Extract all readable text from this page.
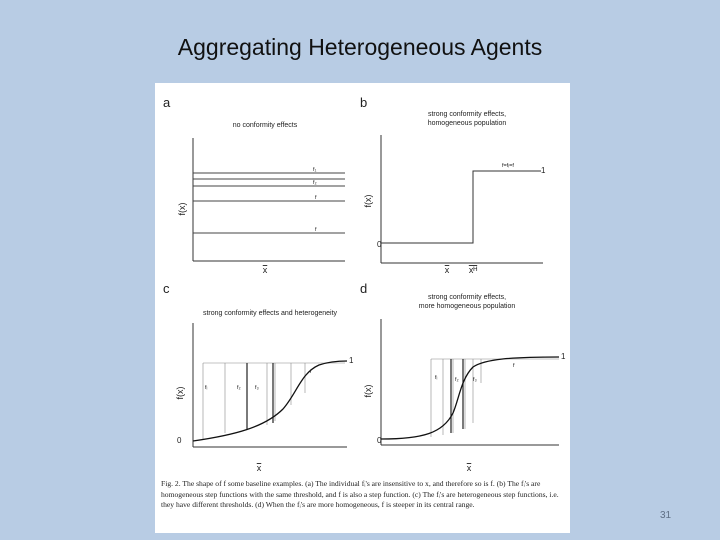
Aggregating Heterogeneous Agents
a
no conformity effects
f(x)
x
f₁
f₂
f
f
b
strong conformity effects,
homogeneous population
f(x)
f=fᵢ=f	1
0
x xᴴ
c
strong conformity effects and heterogeneity
f(x)
1
0
fᵢ	f₂	f₃
f
x
d
strong conformity effects,
more homogeneous population
f(x)
1
0
fᵢ	f₂	f₃
f
x
Fig. 2. The shape of f some baseline examples. (a) The individual fᵢ's are insensitive to x, and therefore so is f. (b) The fᵢ's are homogeneous step functions with the same threshold, and f is also a step function. (c) The fᵢ's are heterogeneous step functions, i.e. they have different thresholds. (d) When the fᵢ's are more homogeneous, f is steeper in its central range.
31
